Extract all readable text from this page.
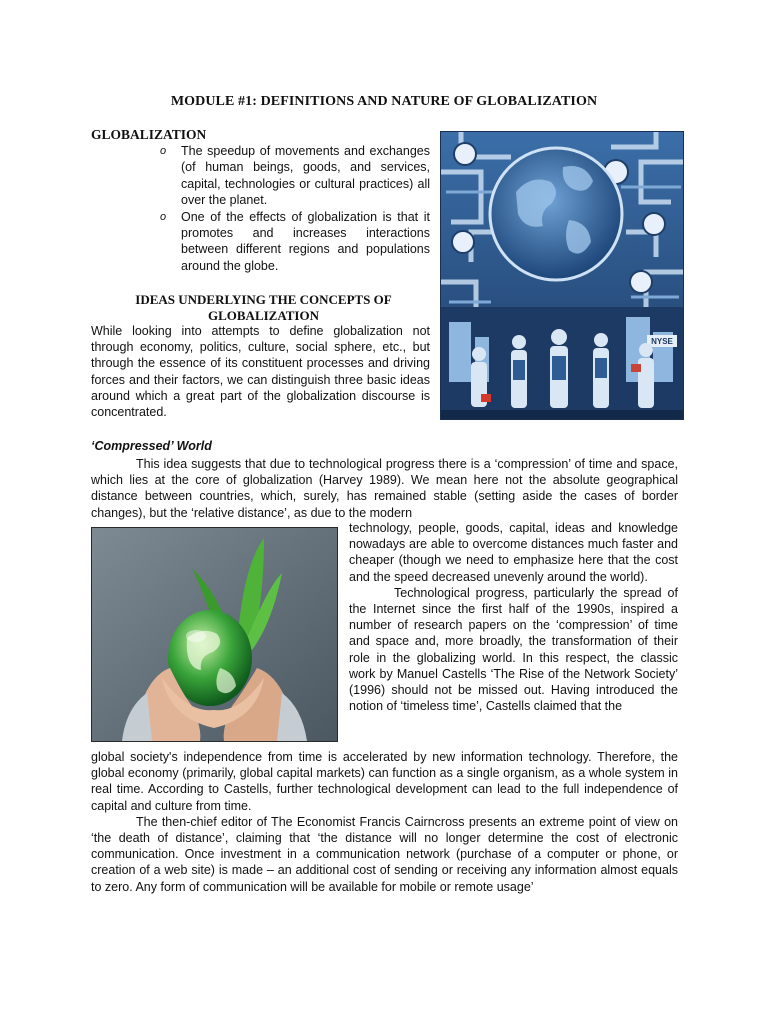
MODULE #1: DEFINITIONS AND NATURE OF GLOBALIZATION
GLOBALIZATION
o The speedup of movements and exchanges (of human beings, goods, and services, capital, technologies or cultural practices) all over the planet.
o One of the effects of globalization is that it promotes and increases interactions between different regions and populations around the globe.
NYSE
IDEAS UNDERLYING THE CONCEPTS OF
GLOBALIZATION

While looking into attempts to define globalization not through economy, politics, culture, social sphere, etc., but through the essence of its constituent processes and driving forces and their factors, we can distinguish three basic ideas around which a great part of the globalization discourse is concentrated.

‘Compressed’ World

This idea suggests that due to technological progress there is a ‘compression’ of time and space, which lies at the core of globalization (Harvey 1989). We mean here not the absolute geographical distance between countries, which, surely, has remained stable (setting aside the cases of border changes), but the ‘relative distance’, as due to the modern

technology, people, goods, capital, ideas and knowledge nowadays are able to overcome distances much faster and cheaper (though we need to emphasize here that the cost and the speed decreased unevenly around the world).
Technological progress, particularly the spread of the Internet since the first half of the 1990s, inspired a number of research papers on the ‘compression’ of time and space and, more broadly, the transformation of their role in the globalizing world. In this respect, the classic work by Manuel Castells ‘The Rise of the Network Society’ (1996) should not be missed out. Having introduced the notion of ‘timeless time’, Castells claimed that the
global society's independence from time is accelerated by new information technology. Therefore, the global economy (primarily, global capital markets) can function as a single organism, as a whole system in real time. According to Castells, further technological development can lead to the full independence of capital and culture from time.
The then-chief editor of The Economist Francis Cairncross presents an extreme point of view on ‘the death of distance’, claiming that ‘the distance will no longer determine the cost of electronic communication. Once investment in a communication network (purchase of a computer or phone, or creation of a web site) is made – an additional cost of sending or receiving any information almost equals to zero. Any form of communication will be available for mobile or remote usage’
